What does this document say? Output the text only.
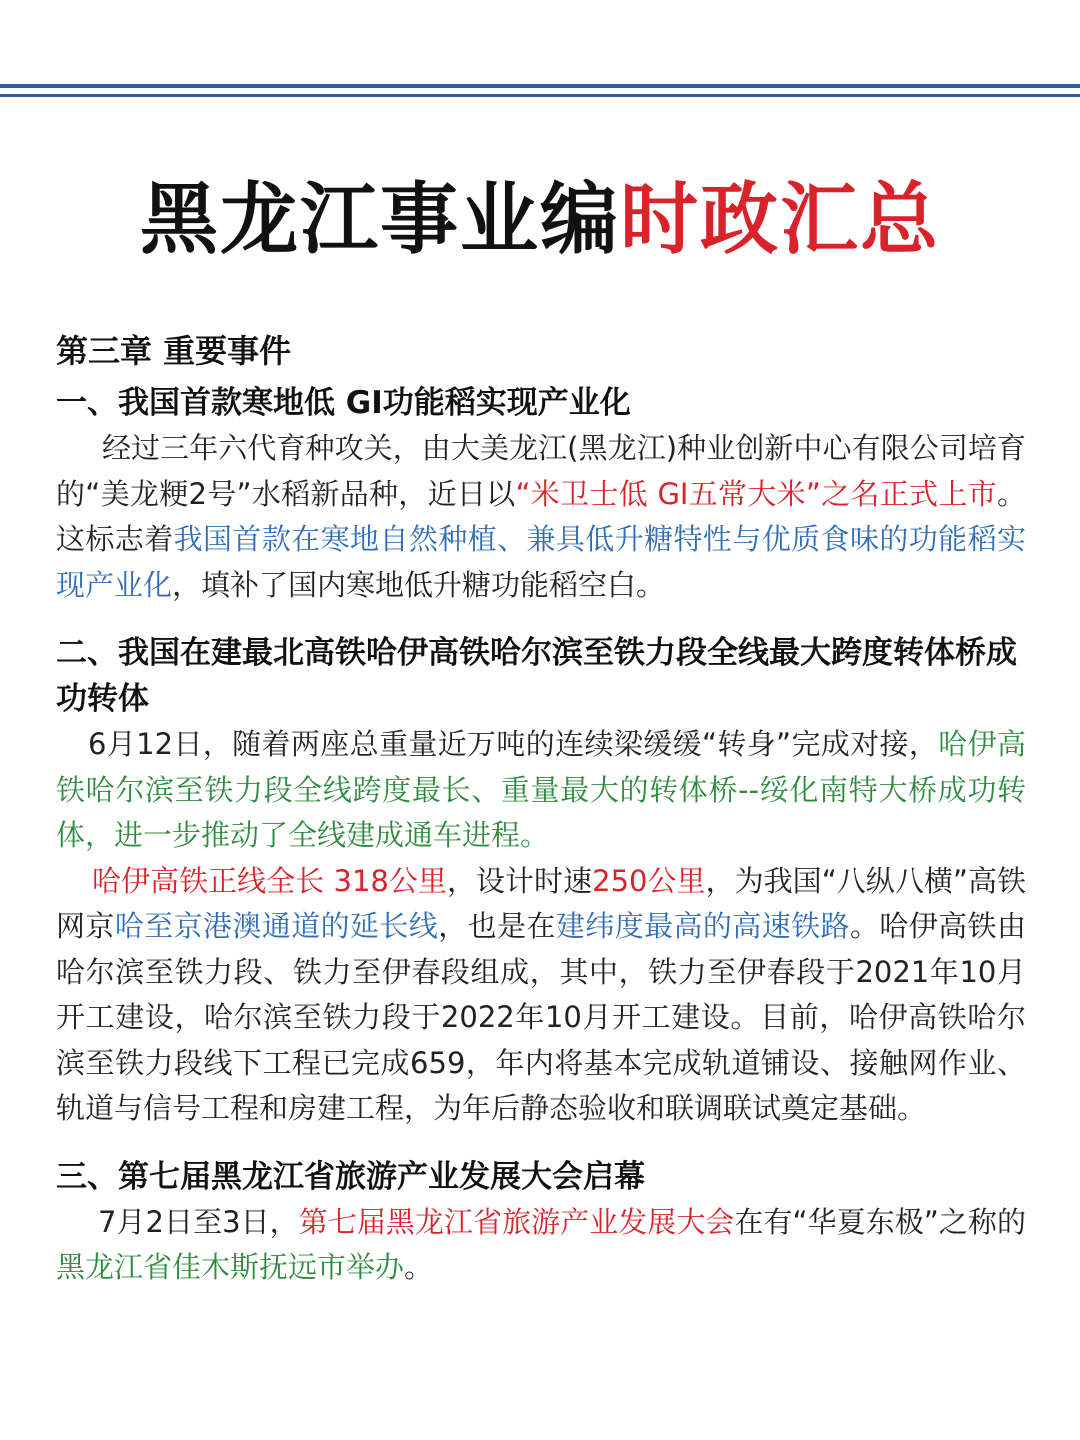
黑龙江事业编时政汇总
第三章 重要事件
一、我国首款寒地低 GI功能稻实现产业化

经过三年六代育种攻关，由大美龙江(黑龙江)种业创新中心有限公司培育的“美龙粳2号”水稻新品种，近日以“米卫士低 GI五常大米”之名正式上市。这标志着我国首款在寒地自然种植、兼具低升糖特性与优质食味的功能稻实现产业化，填补了国内寒地低升糖功能稻空白。

二、我国在建最北高铁哈伊高铁哈尔滨至铁力段全线最大跨度转体桥成功转体

6月12日，随着两座总重量近万吨的连续梁缓缓“转身”完成对接，哈伊高铁哈尔滨至铁力段全线跨度最长、重量最大的转体桥--绥化南特大桥成功转体，进一步推动了全线建成通车进程。

哈伊高铁正线全长 318公里，设计时速250公里，为我国“八纵八横”高铁网京哈至京港澳通道的延长线，也是在建纬度最高的高速铁路。哈伊高铁由哈尔滨至铁力段、铁力至伊春段组成，其中，铁力至伊春段于2021年10月开工建设，哈尔滨至铁力段于2022年10月开工建设。目前，哈伊高铁哈尔滨至铁力段线下工程已完成659，年内将基本完成轨道铺设、接触网作业、轨道与信号工程和房建工程，为年后静态验收和联调联试奠定基础。

三、第七届黑龙江省旅游产业发展大会启幕

7月2日至3日，第七届黑龙江省旅游产业发展大会在有“华夏东极”之称的黑龙江省佳木斯抚远市举办。
